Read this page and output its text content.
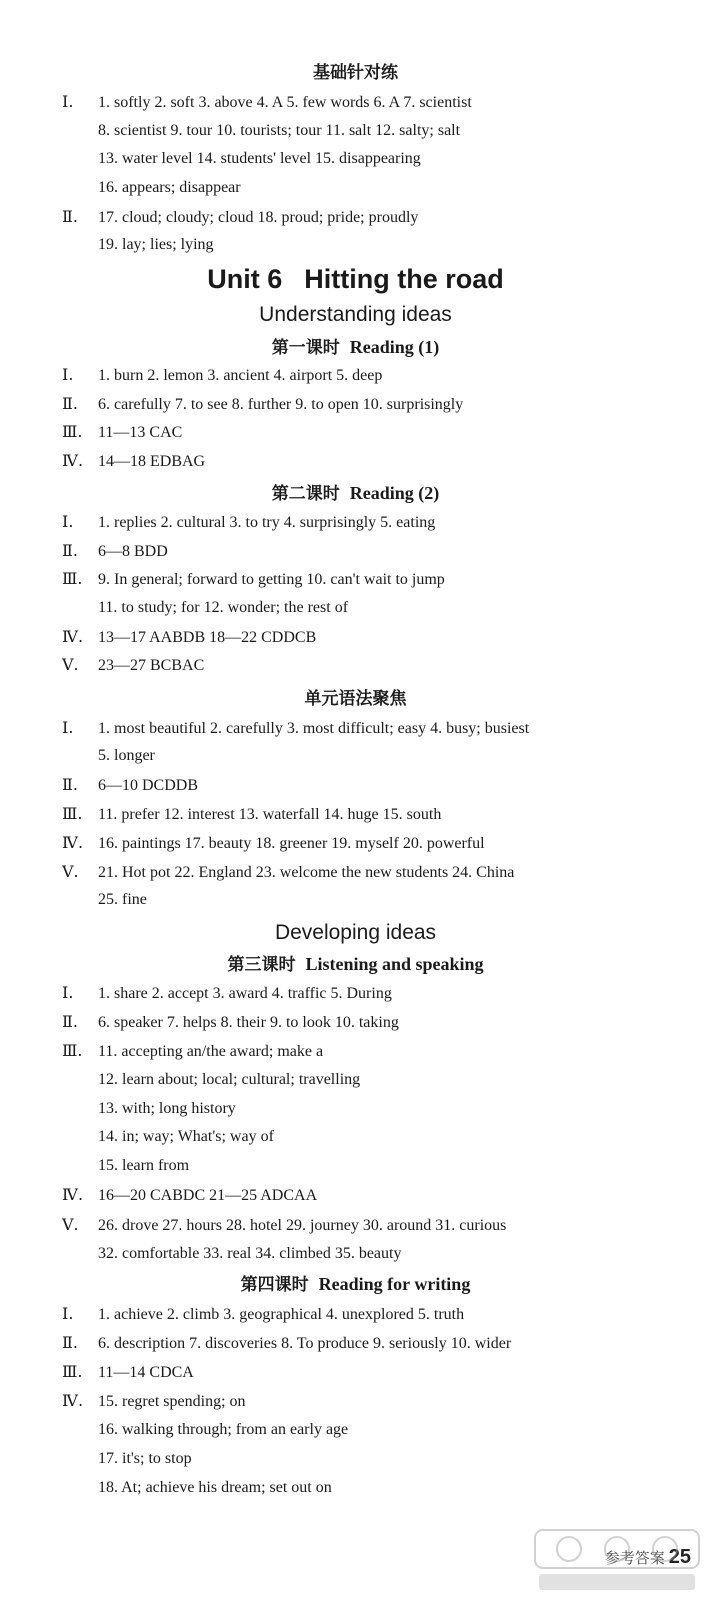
基础针对练
Ⅰ. 1. softly 2. soft 3. above 4. A 5. few words 6. A 7. scientist
8. scientist 9. tour 10. tourists; tour 11. salt 12. salty; salt
13. water level 14. students' level 15. disappearing
16. appears; disappear
Ⅱ. 17. cloud; cloudy; cloud 18. proud; pride; proudly
19. lay; lies; lying
Unit 6 Hitting the road
Understanding ideas
第一课时 Reading (1)
Ⅰ. 1. burn 2. lemon 3. ancient 4. airport 5. deep
Ⅱ. 6. carefully 7. to see 8. further 9. to open 10. surprisingly
Ⅲ. 11—13 CAC
Ⅳ. 14—18 EDBAG
第二课时 Reading (2)
Ⅰ. 1. replies 2. cultural 3. to try 4. surprisingly 5. eating
Ⅱ. 6—8 BDD
Ⅲ. 9. In general; forward to getting 10. can't wait to jump
11. to study; for 12. wonder; the rest of
Ⅳ. 13—17 AABDB 18—22 CDDCB
Ⅴ. 23—27 BCBAC
单元语法聚焦
Ⅰ. 1. most beautiful 2. carefully 3. most difficult; easy 4. busy; busiest
5. longer
Ⅱ. 6—10 DCDDB
Ⅲ. 11. prefer 12. interest 13. waterfall 14. huge 15. south
Ⅳ. 16. paintings 17. beauty 18. greener 19. myself 20. powerful
Ⅴ. 21. Hot pot 22. England 23. welcome the new students 24. China
25. fine
Developing ideas
第三课时 Listening and speaking
Ⅰ. 1. share 2. accept 3. award 4. traffic 5. During
Ⅱ. 6. speaker 7. helps 8. their 9. to look 10. taking
Ⅲ. 11. accepting an/the award; make a
12. learn about; local; cultural; travelling
13. with; long history
14. in; way; What's; way of
15. learn from
Ⅳ. 16—20 CABDC 21—25 ADCAA
Ⅴ. 26. drove 27. hours 28. hotel 29. journey 30. around 31. curious
32. comfortable 33. real 34. climbed 35. beauty
第四课时 Reading for writing
Ⅰ. 1. achieve 2. climb 3. geographical 4. unexplored 5. truth
Ⅱ. 6. description 7. discoveries 8. To produce 9. seriously 10. wider
Ⅲ. 11—14 CDCA
Ⅳ. 15. regret spending; on
16. walking through; from an early age
17. it's; to stop
18. At; achieve his dream; set out on
参考答案 25
